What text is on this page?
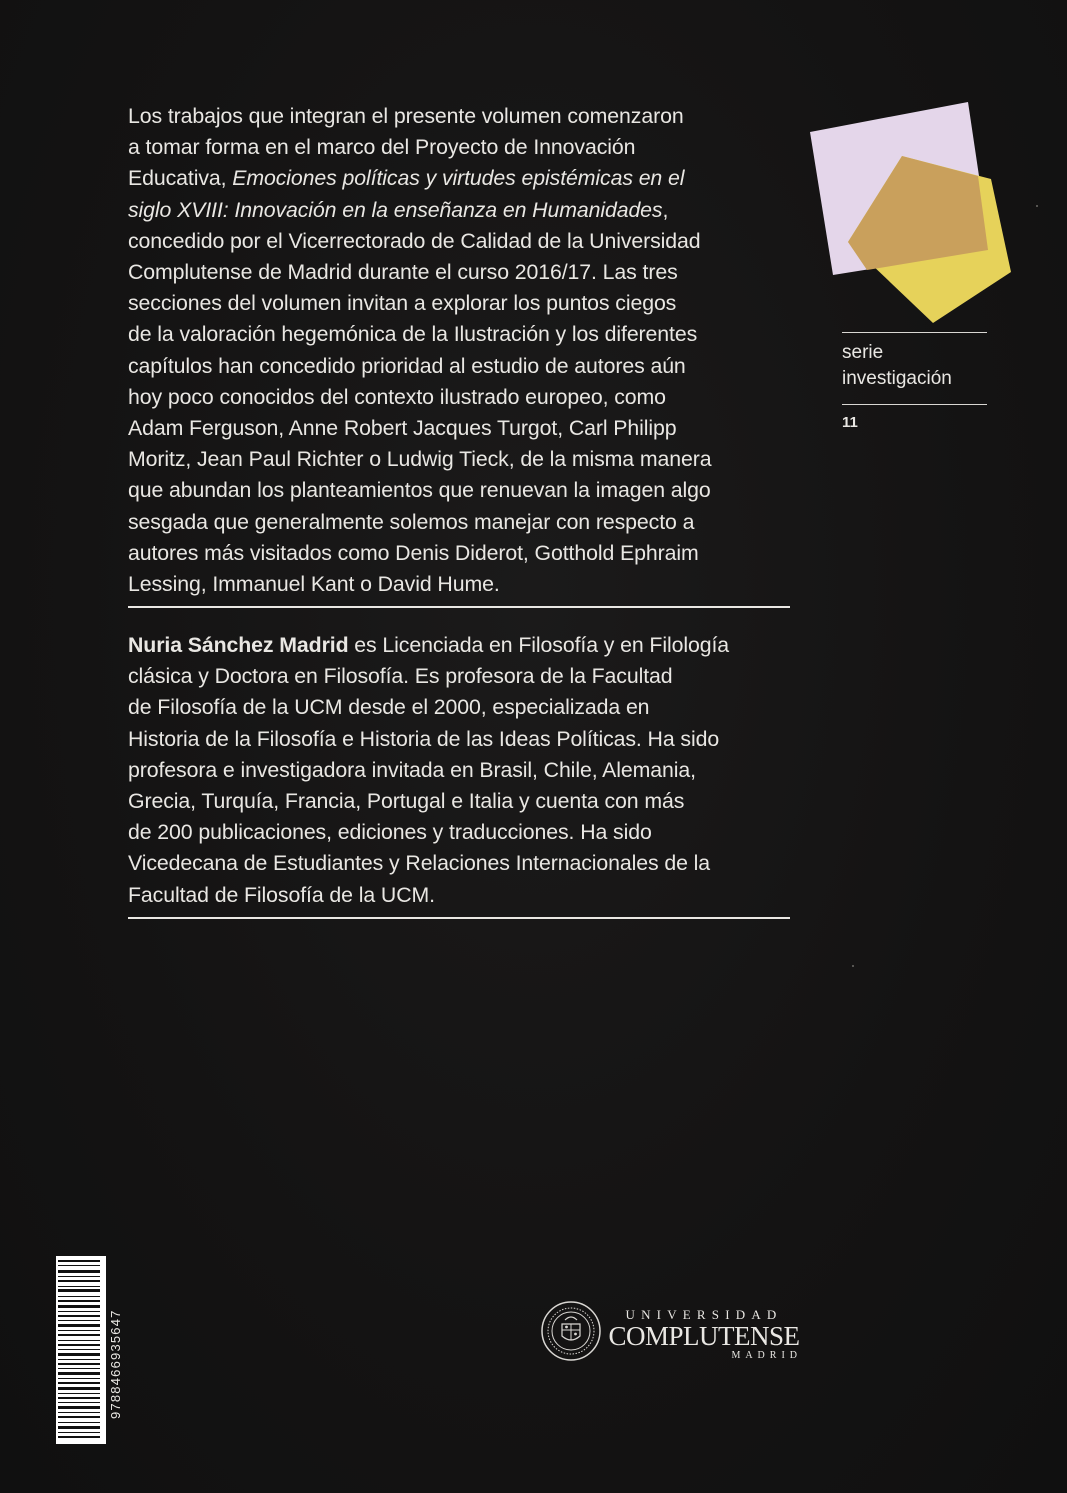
Los trabajos que integran el presente volumen comenzaron

a tomar forma en el marco del Proyecto de Innovación

Educativa, Emociones políticas y virtudes epistémicas en el

siglo XVIII: Innovación en la enseñanza en Humanidades,

concedido por el Vicerrectorado de Calidad de la Universidad

Complutense de Madrid durante el curso 2016/17. Las tres

secciones del volumen invitan a explorar los puntos ciegos

de la valoración hegemónica de la Ilustración y los diferentes

capítulos han concedido prioridad al estudio de autores aún

hoy poco conocidos del contexto ilustrado europeo, como

Adam Ferguson, Anne Robert Jacques Turgot, Carl Philipp

Moritz, Jean Paul Richter o Ludwig Tieck, de la misma manera

que abundan los planteamientos que renuevan la imagen algo

sesgada que generalmente solemos manejar con respecto a

autores más visitados como Denis Diderot, Gotthold Ephraim

Lessing, Immanuel Kant o David Hume.

Nuria Sánchez Madrid es Licenciada en Filosofía y en Filología

clásica y Doctora en Filosofía. Es profesora de la Facultad

de Filosofía de la UCM desde el 2000, especializada en

Historia de la Filosofía e Historia de las Ideas Políticas. Ha sido

profesora e investigadora invitada en Brasil, Chile, Alemania,

Grecia, Turquía, Francia, Portugal e Italia y cuenta con más

de 200 publicaciones, ediciones y traducciones. Ha sido

Vicedecana de Estudiantes y Relaciones Internacionales de la

Facultad de Filosofía de la UCM.

serie
investigación
11
9788466935647	UNIVERSIDAD
COMPLUTENSE
MADRID
